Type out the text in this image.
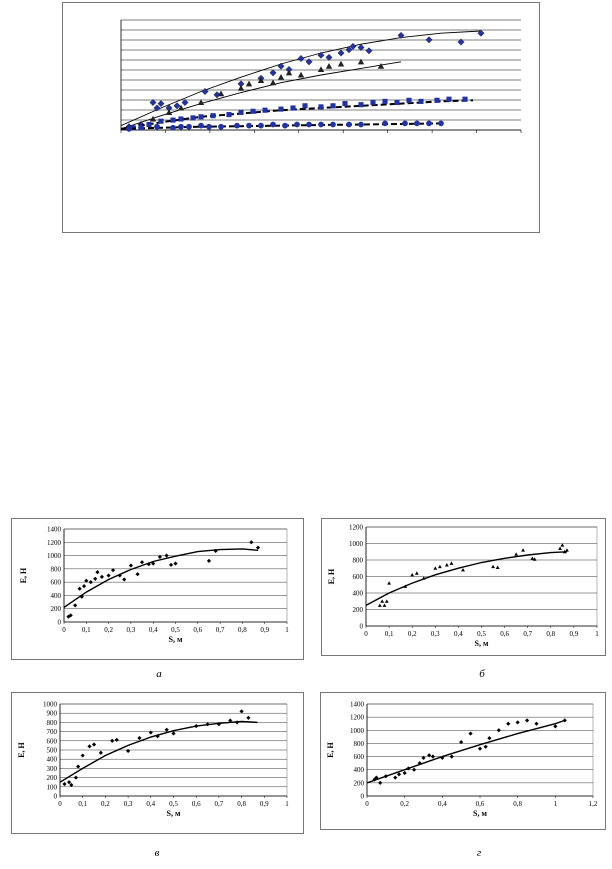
0
200
400
600
800
1000
1200
1400
0 0,1 0,2 0,3 0,4 0,5 0,6 0,7 0,8 0,9 1
S, м
E, H
а
0
200
400
600
800
1000
1200
0 0,1 0,2 0,3 0,4 0,5 0,6 0,7 0,8 0,9 1
S, м
E, H
б
0
100
200
300
400
500
600
700
800
900
1000
0 0,1 0,2 0,3 0,4 0,5 0,6 0,7 0,8 0,9 1
S, м
E, H
в
0
200
400
600
800
1000
1200
1400
0	0,2	0,4	0,6	0,8	1	1,2
S, м
E, H
г
